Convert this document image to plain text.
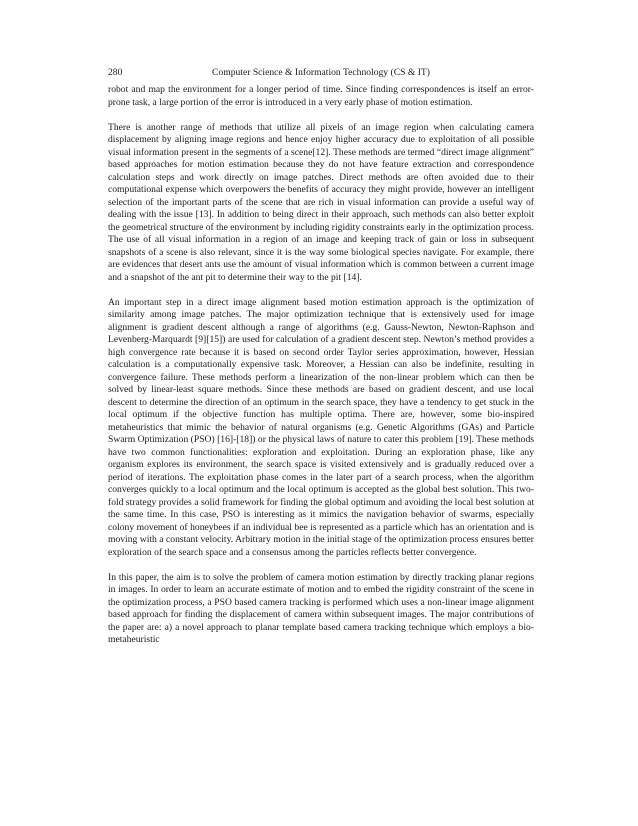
280	Computer Science & Information Technology (CS & IT)

robot and map the environment for a longer period of time. Since finding correspondences is itself an error-prone task, a large portion of the error is introduced in a very early phase of motion estimation.

There is another range of methods that utilize all pixels of an image region when calculating camera displacement by aligning image regions and hence enjoy higher accuracy due to exploitation of all possible visual information present in the segments of a scene[12]. These methods are termed “direct image alignment” based approaches for motion estimation because they do not have feature extraction and correspondence calculation steps and work directly on image patches. Direct methods are often avoided due to their computational expense which overpowers the benefits of accuracy they might provide, however an intelligent selection of the important parts of the scene that are rich in visual information can provide a useful way of dealing with the issue [13]. In addition to being direct in their approach, such methods can also better exploit the geometrical structure of the environment by including rigidity constraints early in the optimization process. The use of all visual information in a region of an image and keeping track of gain or loss in subsequent snapshots of a scene is also relevant, since it is the way some biological species navigate. For example, there are evidences that desert ants use the amount of visual information which is common between a current image and a snapshot of the ant pit to determine their way to the pit [14].

An important step in a direct image alignment based motion estimation approach is the optimization of similarity among image patches. The major optimization technique that is extensively used for image alignment is gradient descent although a range of algorithms (e.g. Gauss-Newton, Newton-Raphson and Levenberg-Marquardt [9][15]) are used for calculation of a gradient descent step. Newton’s method provides a high convergence rate because it is based on second order Taylor series approximation, however, Hessian calculation is a computationally expensive task. Moreover, a Hessian can also be indefinite, resulting in convergence failure. These methods perform a linearization of the non-linear problem which can then be solved by linear-least square methods. Since these methods are based on gradient descent, and use local descent to determine the direction of an optimum in the search space, they have a tendency to get stuck in the local optimum if the objective function has multiple optima. There are, however, some bio-inspired metaheuristics that mimic the behavior of natural organisms (e.g. Genetic Algorithms (GAs) and Particle Swarm Optimization (PSO) [16]-[18]) or the physical laws of nature to cater this problem [19]. These methods have two common functionalities: exploration and exploitation. During an exploration phase, like any organism explores its environment, the search space is visited extensively and is gradually reduced over a period of iterations. The exploitation phase comes in the later part of a search process, when the algorithm converges quickly to a local optimum and the local optimum is accepted as the global best solution. This two-fold strategy provides a solid framework for finding the global optimum and avoiding the local best solution at the same time. In this case, PSO is interesting as it mimics the navigation behavior of swarms, especially colony movement of honeybees if an individual bee is represented as a particle which has an orientation and is moving with a constant velocity. Arbitrary motion in the initial stage of the optimization process ensures better exploration of the search space and a consensus among the particles reflects better convergence.

In this paper, the aim is to solve the problem of camera motion estimation by directly tracking planar regions in images. In order to learn an accurate estimate of motion and to embed the rigidity constraint of the scene in the optimization process, a PSO based camera tracking is performed which uses a non-linear image alignment based approach for finding the displacement of camera within subsequent images. The major contributions of the paper are: a) a novel approach to planar template based camera tracking technique which employs a bio-metaheuristic
